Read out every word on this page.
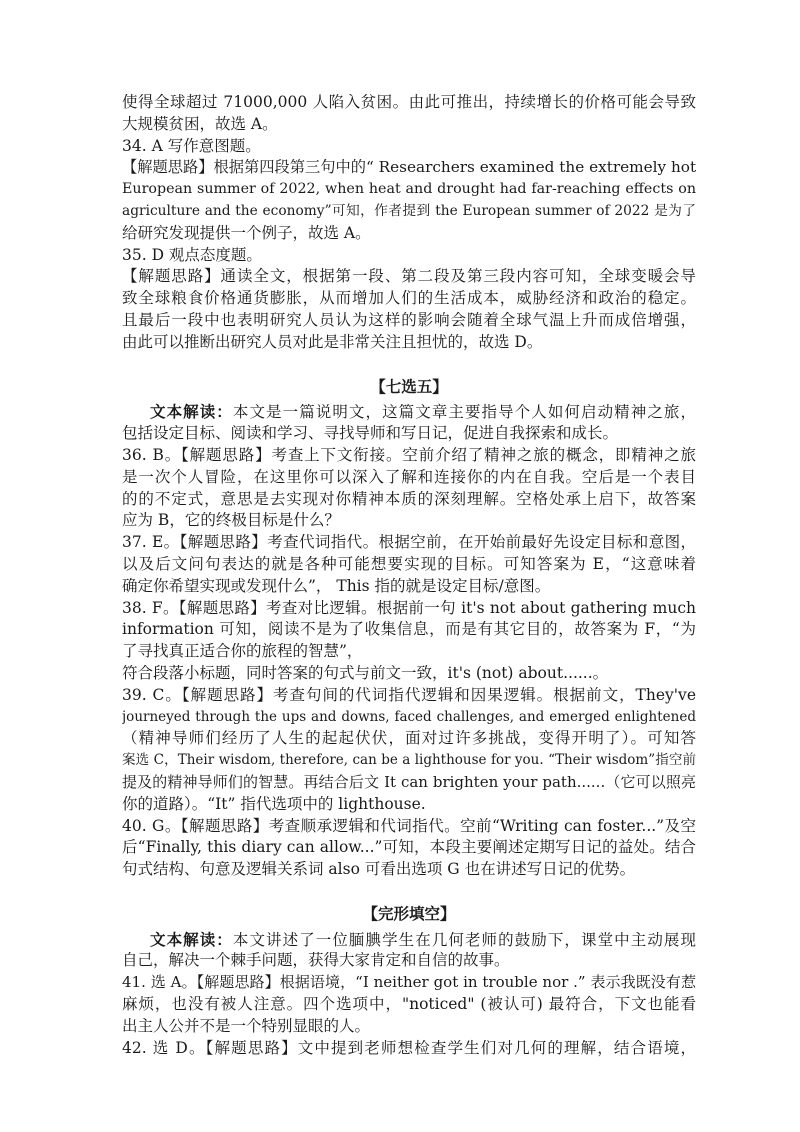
使得全球超过 71000,000 人陷入贫困。由此可推出，持续增长的价格可能会导致
大规模贫困，故选 A。
34. A 写作意图题。
【解题思路】根据第四段第三句中的“ Researchers examined the extremely hot
European summer of 2022, when heat and drought had far-reaching effects on
agriculture and the economy”可知，作者提到 the European summer of 2022 是为了
给研究发现提供一个例子，故选 A。
35. D 观点态度题。
【解题思路】通读全文，根据第一段、第二段及第三段内容可知，全球变暖会导
致全球粮食价格通货膨胀，从而增加人们的生活成本，威胁经济和政治的稳定。
且最后一段中也表明研究人员认为这样的影响会随着全球气温上升而成倍增强，
由此可以推断出研究人员对此是非常关注且担忧的，故选 D。
【七选五】
文本解读：本文是一篇说明文，这篇文章主要指导个人如何启动精神之旅，
包括设定目标、阅读和学习、寻找导师和写日记，促进自我探索和成长。
36. B。【解题思路】考查上下文衔接。空前介绍了精神之旅的概念，即精神之旅
是一次个人冒险，在这里你可以深入了解和连接你的内在自我。空后是一个表目
的的不定式，意思是去实现对你精神本质的深刻理解。空格处承上启下，故答案
应为 B，它的终极目标是什么？
37. E。【解题思路】考查代词指代。根据空前，在开始前最好先设定目标和意图，
以及后文问句表达的就是各种可能想要实现的目标。可知答案为 E，“这意味着
确定你希望实现或发现什么”， This 指的就是设定目标/意图。
38. F。【解题思路】考查对比逻辑。根据前一句 it's not about gathering much
information 可知，阅读不是为了收集信息，而是有其它目的，故答案为 F，“为
了寻找真正适合你的旅程的智慧”，
符合段落小标题，同时答案的句式与前文一致，it's (not) about......。
39. C。【解题思路】考查句间的代词指代逻辑和因果逻辑。根据前文，They've
journeyed through the ups and downs, faced challenges, and emerged enlightened
（精神导师们经历了人生的起起伏伏，面对过许多挑战，变得开明了）。可知答
案选 C，Their wisdom, therefore, can be a lighthouse for you. “Their wisdom”指空前
提及的精神导师们的智慧。再结合后文 It can brighten your path......（它可以照亮
你的道路）。“It” 指代选项中的 lighthouse.
40. G。【解题思路】考查顺承逻辑和代词指代。空前“Writing can foster...”及空
后“Finally, this diary can allow...”可知，本段主要阐述定期写日记的益处。结合
句式结构、句意及逻辑关系词 also 可看出选项 G 也在讲述写日记的优势。
【完形填空】
文本解读：本文讲述了一位腼腆学生在几何老师的鼓励下，课堂中主动展现
自己，解决一个棘手问题，获得大家肯定和自信的故事。
41. 选 A。【解题思路】根据语境，“I neither got in trouble nor .” 表示我既没有惹
麻烦，也没有被人注意。四个选项中，"noticed" (被认可) 最符合，下文也能看
出主人公并不是一个特别显眼的人。
42. 选 D。【解题思路】文中提到老师想检查学生们对几何的理解，结合语境，
